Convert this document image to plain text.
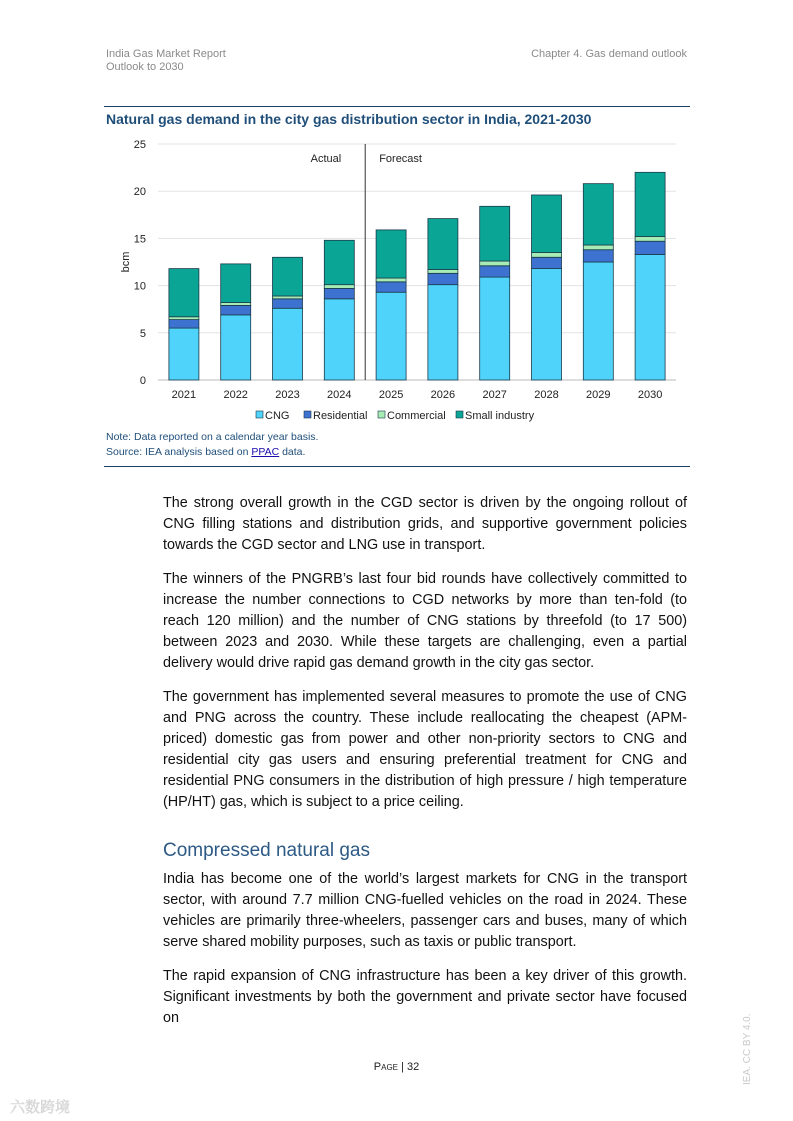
India Gas Market Report
Outlook to 2030
Chapter 4. Gas demand outlook
Natural gas demand in the city gas distribution sector in India, 2021-2030
0
5
10
15
20
25
bcm
2021 2022 2023 2024 2025 2026 2027 2028 2029 2030
Actual	Forecast
CNG Residential Commercial Small industry
Note: Data reported on a calendar year basis.
Source: IEA analysis based on PPAC data.

The strong overall growth in the CGD sector is driven by the ongoing rollout of CNG filling stations and distribution grids, and supportive government policies towards the CGD sector and LNG use in transport.

The winners of the PNGRB’s last four bid rounds have collectively committed to increase the number connections to CGD networks by more than ten-fold (to reach 120 million) and the number of CNG stations by threefold (to 17 500) between 2023 and 2030. While these targets are challenging, even a partial delivery would drive rapid gas demand growth in the city gas sector.

The government has implemented several measures to promote the use of CNG and PNG across the country. These include reallocating the cheapest (APM-priced) domestic gas from power and other non-priority sectors to CNG and residential city gas users and ensuring preferential treatment for CNG and residential PNG consumers in the distribution of high pressure / high temperature (HP/HT) gas, which is subject to a price ceiling.

Compressed natural gas

India has become one of the world’s largest markets for CNG in the transport sector, with around 7.7 million CNG-fuelled vehicles on the road in 2024. These vehicles are primarily three-wheelers, passenger cars and buses, many of which serve shared mobility purposes, such as taxis or public transport.

The rapid expansion of CNG infrastructure has been a key driver of this growth. Significant investments by both the government and private sector have focused on

Page | 32	IEA. CC BY 4.0.
六数跨境
